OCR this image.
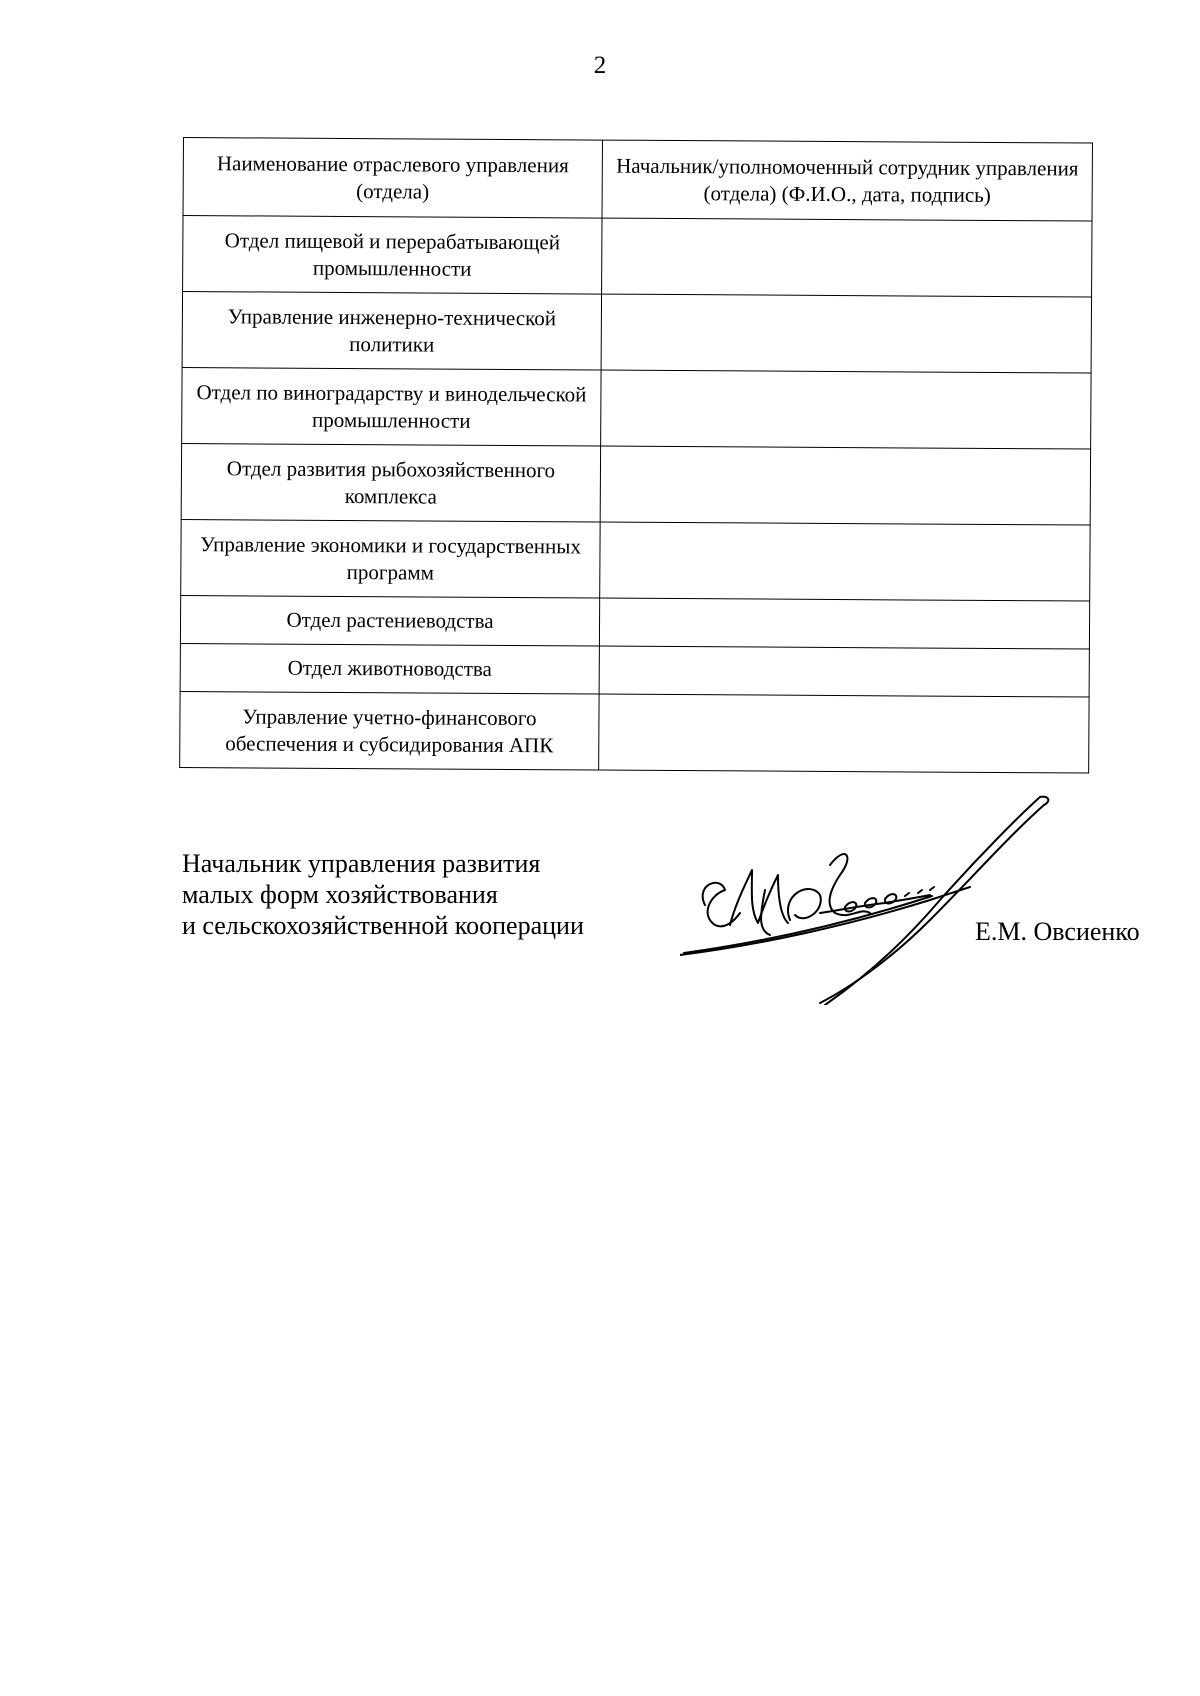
2
Наименование отраслевого управления (отдела)	Начальник/уполномоченный сотрудник управления (отдела) (Ф.И.О., дата, подпись)
Отдел пищевой и перерабатывающей промышленности	
Управление инженерно-технической политики	
Отдел по виноградарству и винодельческой промышленности	
Отдел развития рыбохозяйственного комплекса	
Управление экономики и государственных программ	
Отдел растениеводства	
Отдел животноводства	
Управление учетно-финансового обеспечения и субсидирования АПК	
Начальник управления развития
малых форм хозяйствования
и сельскохозяйственной кооперации	Е.М. Овсиенко
